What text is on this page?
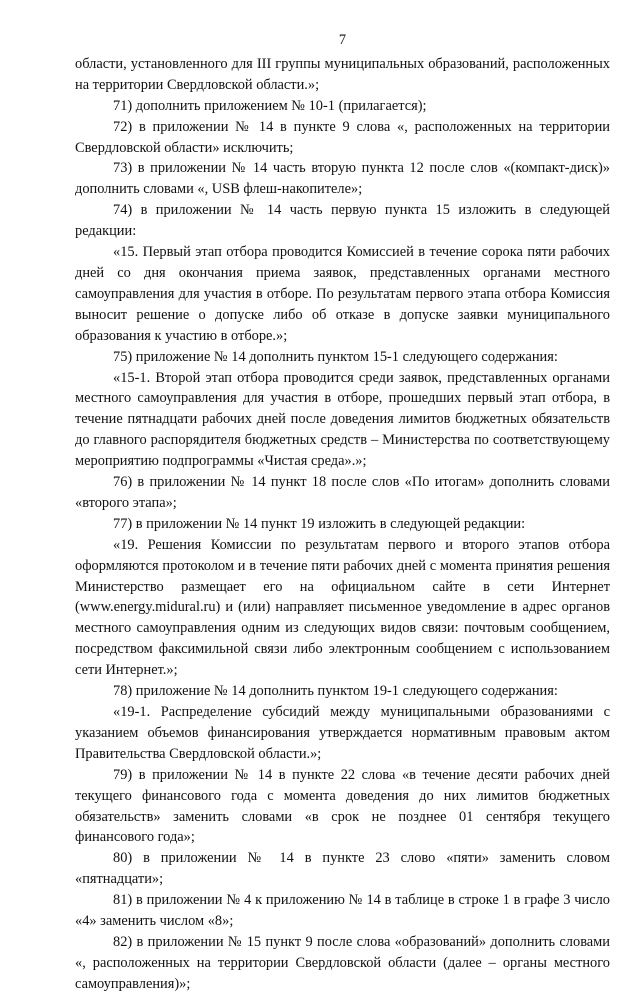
7

области, установленного для III группы муниципальных образований, расположенных на территории Свердловской области.»;

71) дополнить приложением № 10-1 (прилагается);

72) в приложении № 14 в пункте 9 слова «, расположенных на территории Свердловской области» исключить;

73) в приложении № 14 часть вторую пункта 12 после слов «(компакт-диск)» дополнить словами «, USB флеш-накопителе»;

74) в приложении № 14 часть первую пункта 15 изложить в следующей редакции:

«15. Первый этап отбора проводится Комиссией в течение сорока пяти рабочих дней со дня окончания приема заявок, представленных органами местного самоуправления для участия в отборе. По результатам первого этапа отбора Комиссия выносит решение о допуске либо об отказе в допуске заявки муниципального образования к участию в отборе.»;

75) приложение № 14 дополнить пунктом 15-1 следующего содержания:

«15-1. Второй этап отбора проводится среди заявок, представленных органами местного самоуправления для участия в отборе, прошедших первый этап отбора, в течение пятнадцати рабочих дней после доведения лимитов бюджетных обязательств до главного распорядителя бюджетных средств – Министерства по соответствующему мероприятию подпрограммы «Чистая среда».»;

76) в приложении № 14 пункт 18 после слов «По итогам» дополнить словами «второго этапа»;

77) в приложении № 14 пункт 19 изложить в следующей редакции:

«19. Решения Комиссии по результатам первого и второго этапов отбора оформляются протоколом и в течение пяти рабочих дней с момента принятия решения Министерство размещает его на официальном сайте в сети Интернет (www.energy.midural.ru) и (или) направляет письменное уведомление в адрес органов местного самоуправления одним из следующих видов связи: почтовым сообщением, посредством факсимильной связи либо электронным сообщением с использованием сети Интернет.»;

78) приложение № 14 дополнить пунктом 19-1 следующего содержания:

«19-1. Распределение субсидий между муниципальными образованиями с указанием объемов финансирования утверждается нормативным правовым актом Правительства Свердловской области.»;

79) в приложении № 14 в пункте 22 слова «в течение десяти рабочих дней текущего финансового года с момента доведения до них лимитов бюджетных обязательств» заменить словами «в срок не позднее 01 сентября текущего финансового года»;

80) в приложении № 14 в пункте 23 слово «пяти» заменить словом «пятнадцати»;

81) в приложении № 4 к приложению № 14 в таблице в строке 1 в графе 3 число «4» заменить числом «8»;

82) в приложении № 15 пункт 9 после слова «образований» дополнить словами «, расположенных на территории Свердловской области (далее – органы местного самоуправления)»;
